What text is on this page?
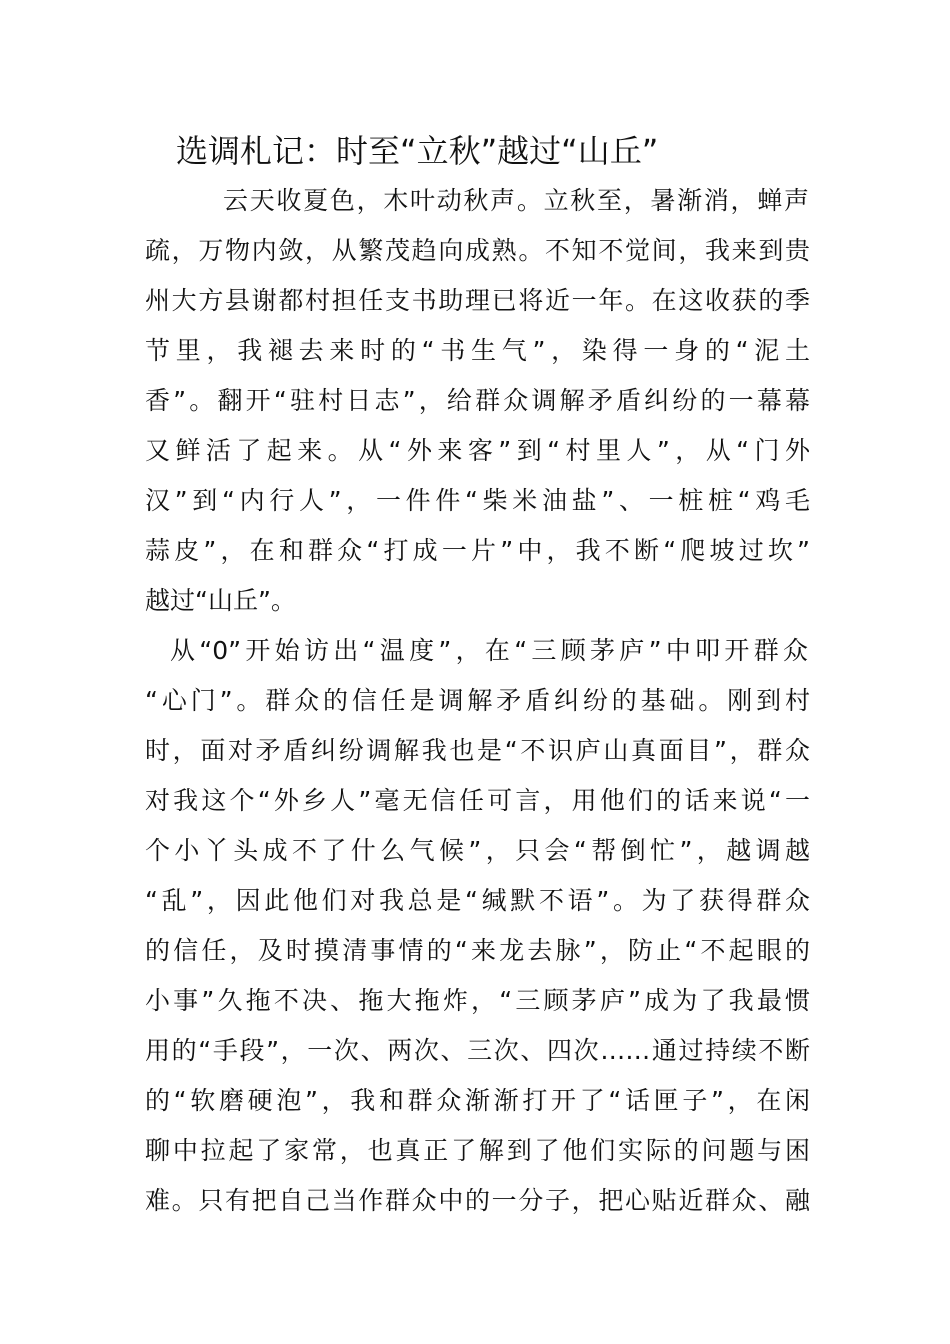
选调札记：时至“立秋”越过“山丘”
云天收夏色，木叶动秋声。立秋至，暑渐消，蝉声
疏，万物内敛，从繁茂趋向成熟。不知不觉间，我来到贵
州大方县谢都村担任支书助理已将近一年。在这收获的季
节里，我褪去来时的“书生气”，染得一身的“泥土
香”。翻开“驻村日志”，给群众调解矛盾纠纷的一幕幕
又鲜活了起来。从“外来客”到“村里人”，从“门外
汉”到“内行人”，一件件“柴米油盐”、一桩桩“鸡毛
蒜皮”，在和群众“打成一片”中，我不断“爬坡过坎”
越过“山丘”。
从“0”开始访出“温度”，在“三顾茅庐”中叩开群众
“心门”。群众的信任是调解矛盾纠纷的基础。刚到村
时，面对矛盾纠纷调解我也是“不识庐山真面目”，群众
对我这个“外乡人”毫无信任可言，用他们的话来说“一
个小丫头成不了什么气候”，只会“帮倒忙”，越调越
“乱”，因此他们对我总是“缄默不语”。为了获得群众
的信任，及时摸清事情的“来龙去脉”，防止“不起眼的
小事”久拖不决、拖大拖炸，“三顾茅庐”成为了我最惯
用的“手段”，一次、两次、三次、四次……通过持续不断
的“软磨硬泡”，我和群众渐渐打开了“话匣子”，在闲
聊中拉起了家常，也真正了解到了他们实际的问题与困
难。只有把自己当作群众中的一分子，把心贴近群众、融
